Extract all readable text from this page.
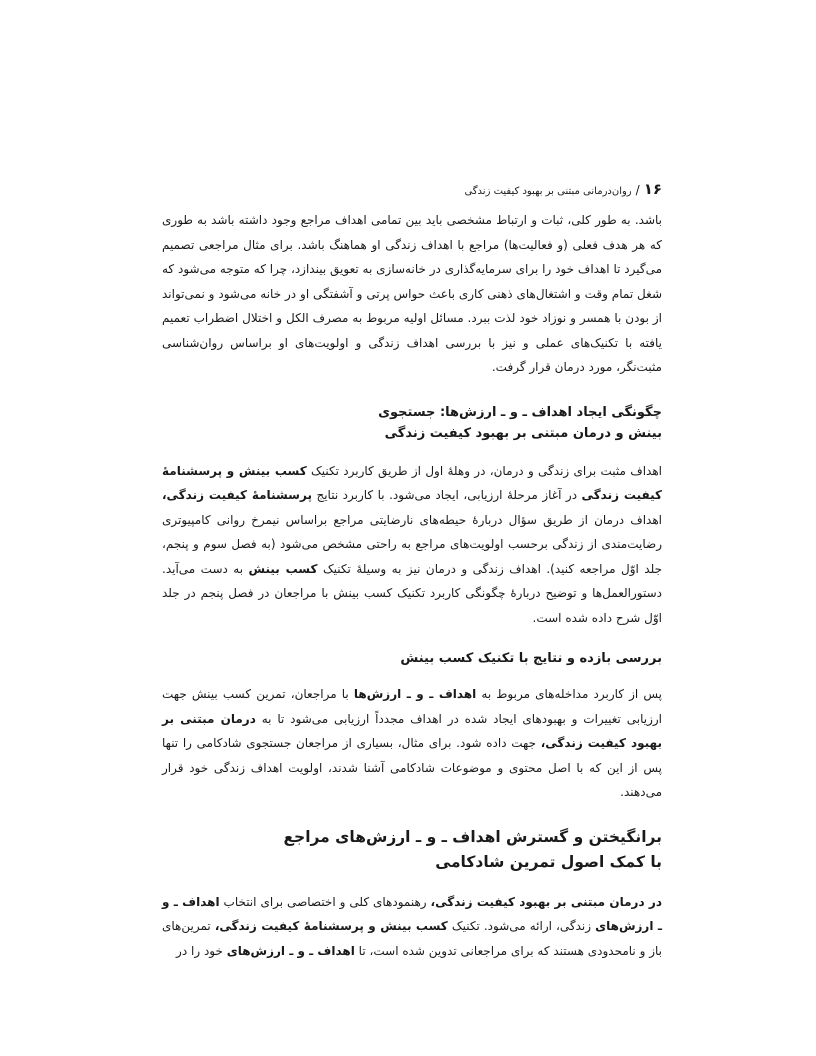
۱۶
/
روان‌درمانی مبتنی بر بهبود کیفیت زندگی

باشد. به طور کلی، ثبات و ارتباط مشخصی باید بین تمامی اهداف مراجع وجود داشته باشد به طوری که هر هدف فعلی (و فعالیت‌ها) مراجع با اهداف زندگی او هماهنگ باشد. برای مثال مراجعی تصمیم می‌گیرد تا اهداف خود را برای سرمایه‌گذاری در خانه‌سازی به تعویق بیندازد، چرا که متوجه می‌شود که شغل تمام وقت و اشتغال‌های ذهنی کاری باعث حواس پرتی و آشفتگی او در خانه می‌شود و نمی‌تواند از بودن با همسر و نوزاد خود لذت ببرد. مسائل اولیه مربوط به مصرف الکل و اختلال اضطراب تعمیم یافته با تکنیک‌های عملی و نیز با بررسی اهداف زندگی و اولویت‌های او براساس روان‌شناسی مثبت‌نگر، مورد درمان قرار گرفت.

چگونگی ایجاد اهداف ـ و ـ ارزش‌ها: جستجوی
بینش و درمان مبتنی بر بهبود کیفیت زندگی

اهداف مثبت برای زندگی و درمان، در وهلهٔ اول از طریق کاربرد تکنیک کسب بینش و پرسشنامهٔ کیفیت زندگی در آغاز مرحلهٔ ارزیابی، ایجاد می‌شود. با کاربرد نتایج پرسشنامهٔ کیفیت زندگی، اهداف درمان از طریق سؤال دربارهٔ حیطه‌های نارضایتی مراجع براساس نیمرخ روانی کامپیوتری رضایت‌مندی از زندگی برحسب اولویت‌های مراجع به راحتی مشخص می‌شود (به فصل سوم و پنجم، جلد اوّل مراجعه کنید). اهداف زندگی و درمان نیز به وسیلهٔ تکنیک کسب بینش به دست می‌آید. دستورالعمل‌ها و توضیح دربارهٔ چگونگی کاربرد تکنیک کسب بینش با مراجعان در فصل پنجم در جلد اوّل شرح داده شده است.

بررسی بازده و نتایج با تکنیک کسب بینش

پس از کاربرد مداخله‌های مربوط به اهداف ـ و ـ ارزش‌ها با مراجعان، تمرین کسب بینش جهت ارزیابی تغییرات و بهبودهای ایجاد شده در اهداف مجدداً ارزیابی می‌شود تا به درمان مبتنی بر بهبود کیفیت زندگی، جهت داده شود. برای مثال، بسیاری از مراجعان جستجوی شادکامی را تنها پس از این که با اصل محتوی و موضوعات شادکامی آشنا شدند، اولویت اهداف زندگی خود قرار می‌دهند.

برانگیختن و گسترش اهداف ـ و ـ ارزش‌های مراجع
با کمک اصول تمرین شادکامی

در درمان مبتنی بر بهبود کیفیت زندگی، رهنمودهای کلی و اختصاصی برای انتخاب اهداف ـ و ـ ارزش‌های زندگی، ارائه می‌شود. تکنیک کسب بینش و پرسشنامهٔ کیفیت زندگی، تمرین‌های باز و نامحدودی هستند که برای مراجعانی تدوین شده است، تا اهداف ـ و ـ ارزش‌های خود را در
